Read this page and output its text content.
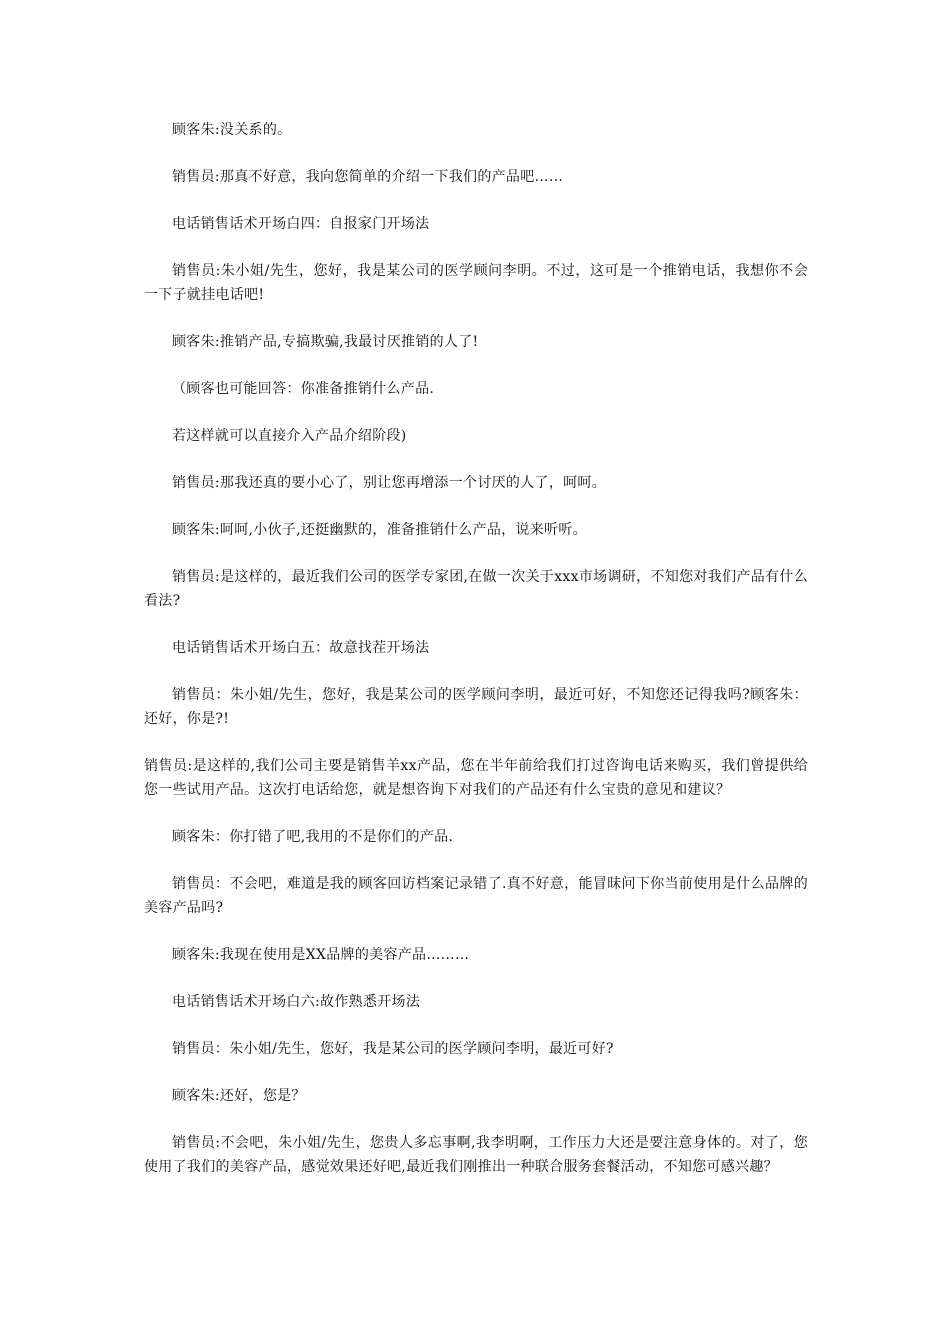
顾客朱:没关系的。

销售员:那真不好意，我向您简单的介绍一下我们的产品吧……

电话销售话术开场白四：自报家门开场法

销售员:朱小姐/先生，您好，我是某公司的医学顾问李明。不过，这可是一个推销电话，我想你不会一下子就挂电话吧!

顾客朱:推销产品,专搞欺骗,我最讨厌推销的人了!

（顾客也可能回答：你准备推销什么产品.

若这样就可以直接介入产品介绍阶段)

销售员:那我还真的要小心了，别让您再增添一个讨厌的人了，呵呵。

顾客朱:呵呵,小伙子,还挺幽默的，准备推销什么产品，说来听听。

销售员:是这样的，最近我们公司的医学专家团,在做一次关于xxx市场调研，不知您对我们产品有什么看法?

电话销售话术开场白五：故意找茬开场法

销售员：朱小姐/先生，您好，我是某公司的医学顾问李明，最近可好，不知您还记得我吗?顾客朱：还好，你是?!

销售员:是这样的,我们公司主要是销售羊xx产品，您在半年前给我们打过咨询电话来购买，我们曾提供给您一些试用产品。这次打电话给您，就是想咨询下对我们的产品还有什么宝贵的意见和建议？

顾客朱：你打错了吧,我用的不是你们的产品.

销售员：不会吧，难道是我的顾客回访档案记录错了.真不好意，能冒昧问下你当前使用是什么品牌的美容产品吗?

顾客朱:我现在使用是XX品牌的美容产品………

电话销售话术开场白六:故作熟悉开场法

销售员：朱小姐/先生，您好，我是某公司的医学顾问李明，最近可好?

顾客朱:还好，您是？

销售员:不会吧，朱小姐/先生，您贵人多忘事啊,我李明啊，工作压力大还是要注意身体的。对了，您使用了我们的美容产品，感觉效果还好吧,最近我们刚推出一种联合服务套餐活动，不知您可感兴趣？
